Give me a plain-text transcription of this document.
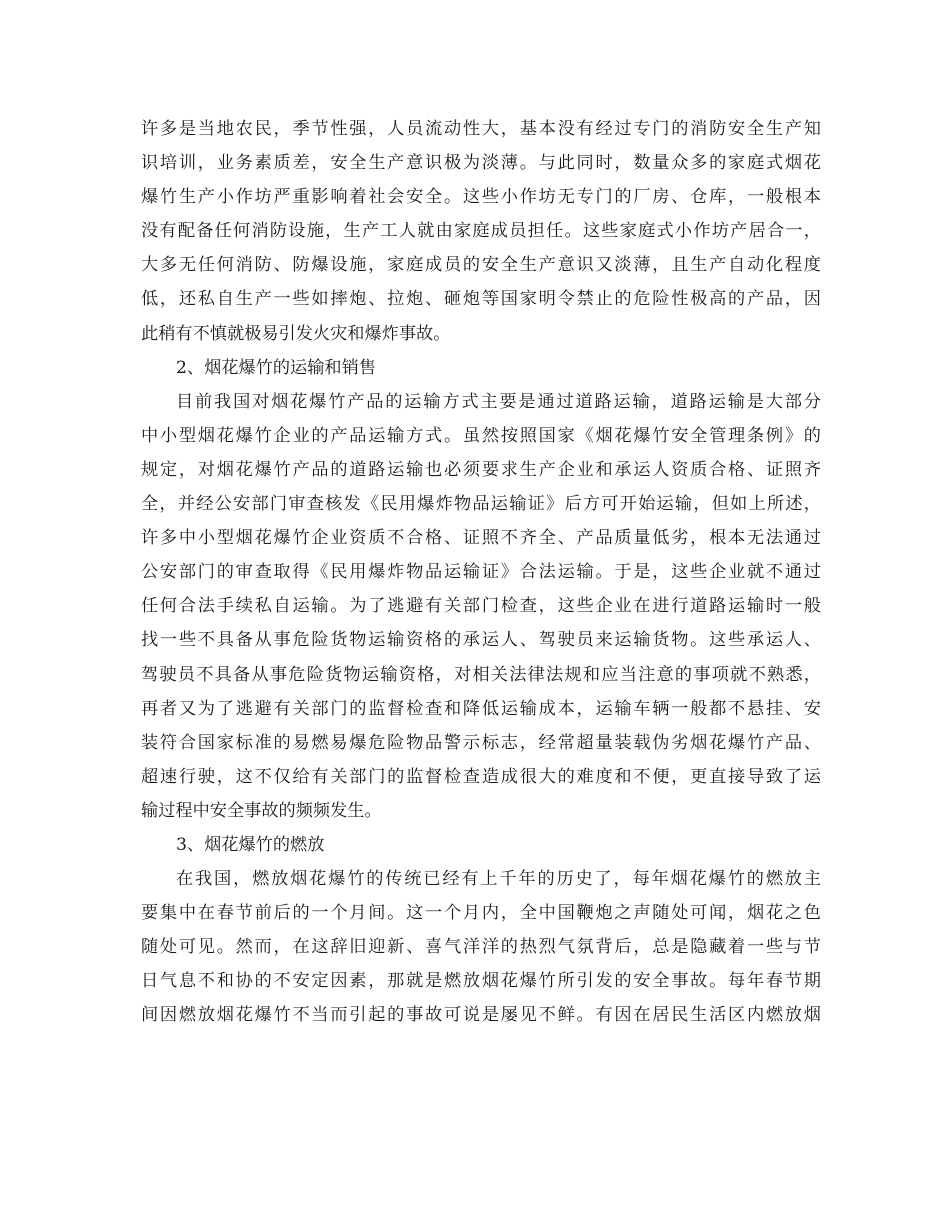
许多是当地农民，季节性强，人员流动性大，基本没有经过专门的消防安全生产知
识培训，业务素质差，安全生产意识极为淡薄。与此同时，数量众多的家庭式烟花
爆竹生产小作坊严重影响着社会安全。这些小作坊无专门的厂房、仓库，一般根本
没有配备任何消防设施，生产工人就由家庭成员担任。这些家庭式小作坊产居合一，
大多无任何消防、防爆设施，家庭成员的安全生产意识又淡薄，且生产自动化程度
低，还私自生产一些如摔炮、拉炮、砸炮等国家明令禁止的危险性极高的产品，因
此稍有不慎就极易引发火灾和爆炸事故。
2、烟花爆竹的运输和销售
目前我国对烟花爆竹产品的运输方式主要是通过道路运输，道路运输是大部分
中小型烟花爆竹企业的产品运输方式。虽然按照国家《烟花爆竹安全管理条例》的
规定，对烟花爆竹产品的道路运输也必须要求生产企业和承运人资质合格、证照齐
全，并经公安部门审查核发《民用爆炸物品运输证》后方可开始运输，但如上所述，
许多中小型烟花爆竹企业资质不合格、证照不齐全、产品质量低劣，根本无法通过
公安部门的审查取得《民用爆炸物品运输证》合法运输。于是，这些企业就不通过
任何合法手续私自运输。为了逃避有关部门检查，这些企业在进行道路运输时一般
找一些不具备从事危险货物运输资格的承运人、驾驶员来运输货物。这些承运人、
驾驶员不具备从事危险货物运输资格，对相关法律法规和应当注意的事项就不熟悉，
再者又为了逃避有关部门的监督检查和降低运输成本，运输车辆一般都不悬挂、安
装符合国家标准的易燃易爆危险物品警示标志，经常超量装载伪劣烟花爆竹产品、
超速行驶，这不仅给有关部门的监督检查造成很大的难度和不便，更直接导致了运
输过程中安全事故的频频发生。
3、烟花爆竹的燃放
在我国，燃放烟花爆竹的传统已经有上千年的历史了，每年烟花爆竹的燃放主
要集中在春节前后的一个月间。这一个月内，全中国鞭炮之声随处可闻，烟花之色
随处可见。然而，在这辞旧迎新、喜气洋洋的热烈气氛背后，总是隐藏着一些与节
日气息不和协的不安定因素，那就是燃放烟花爆竹所引发的安全事故。每年春节期
间因燃放烟花爆竹不当而引起的事故可说是屡见不鲜。有因在居民生活区内燃放烟
